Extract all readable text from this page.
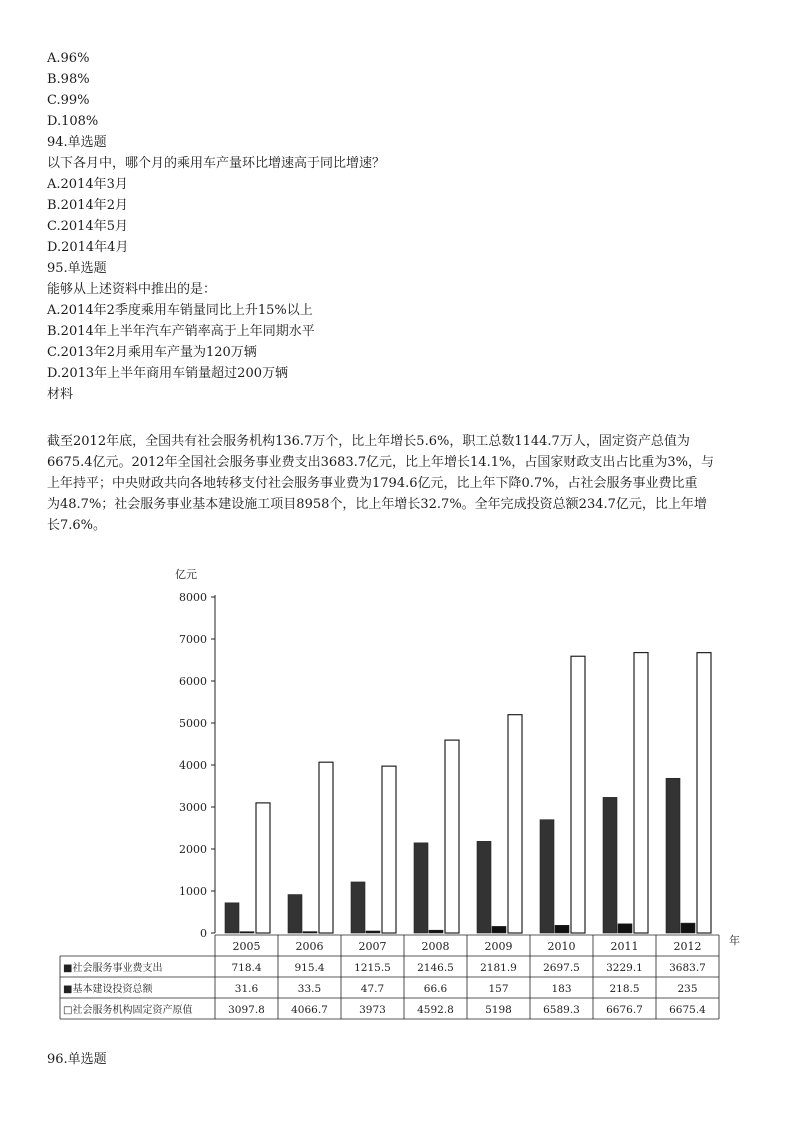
A.96%
B.98%
C.99%
D.108%
94.单选题
以下各月中，哪个月的乘用车产量环比增速高于同比增速？
A.2014年3月
B.2014年2月
C.2014年5月
D.2014年4月
95.单选题
能够从上述资料中推出的是：
A.2014年2季度乘用车销量同比上升15%以上
B.2014年上半年汽车产销率高于上年同期水平
C.2013年2月乘用车产量为120万辆
D.2013年上半年商用车销量超过200万辆
材料
截至2012年底，全国共有社会服务机构136.7万个，比上年增长5.6%，职工总数1144.7万人，固定资产总值为
6675.4亿元。2012年全国社会服务事业费支出3683.7亿元，比上年增长14.1%，占国家财政支出占比重为3%，与
上年持平；中央财政共向各地转移支付社会服务事业费为1794.6亿元，比上年下降0.7%，占社会服务事业费比重
为48.7%；社会服务事业基本建设施工项目8958个，比上年增长32.7%。全年完成投资总额234.7亿元，比上年增
长7.6%。
亿元
年
0
1000
2000
3000
4000
5000
6000
7000
8000
2005	2006	2007	2008	2009	2010	2011	2012
■社会服务事业费支出	718.4	915.4	1215.5	2146.5	2181.9	2697.5	3229.1	3683.7
■基本建设投资总额	31.6	33.5	47.7	66.6	157	183	218.5	235
□社会服务机构固定资产原值	3097.8	4066.7	3973	4592.8	5198	6589.3	6676.7	6675.4
96.单选题
